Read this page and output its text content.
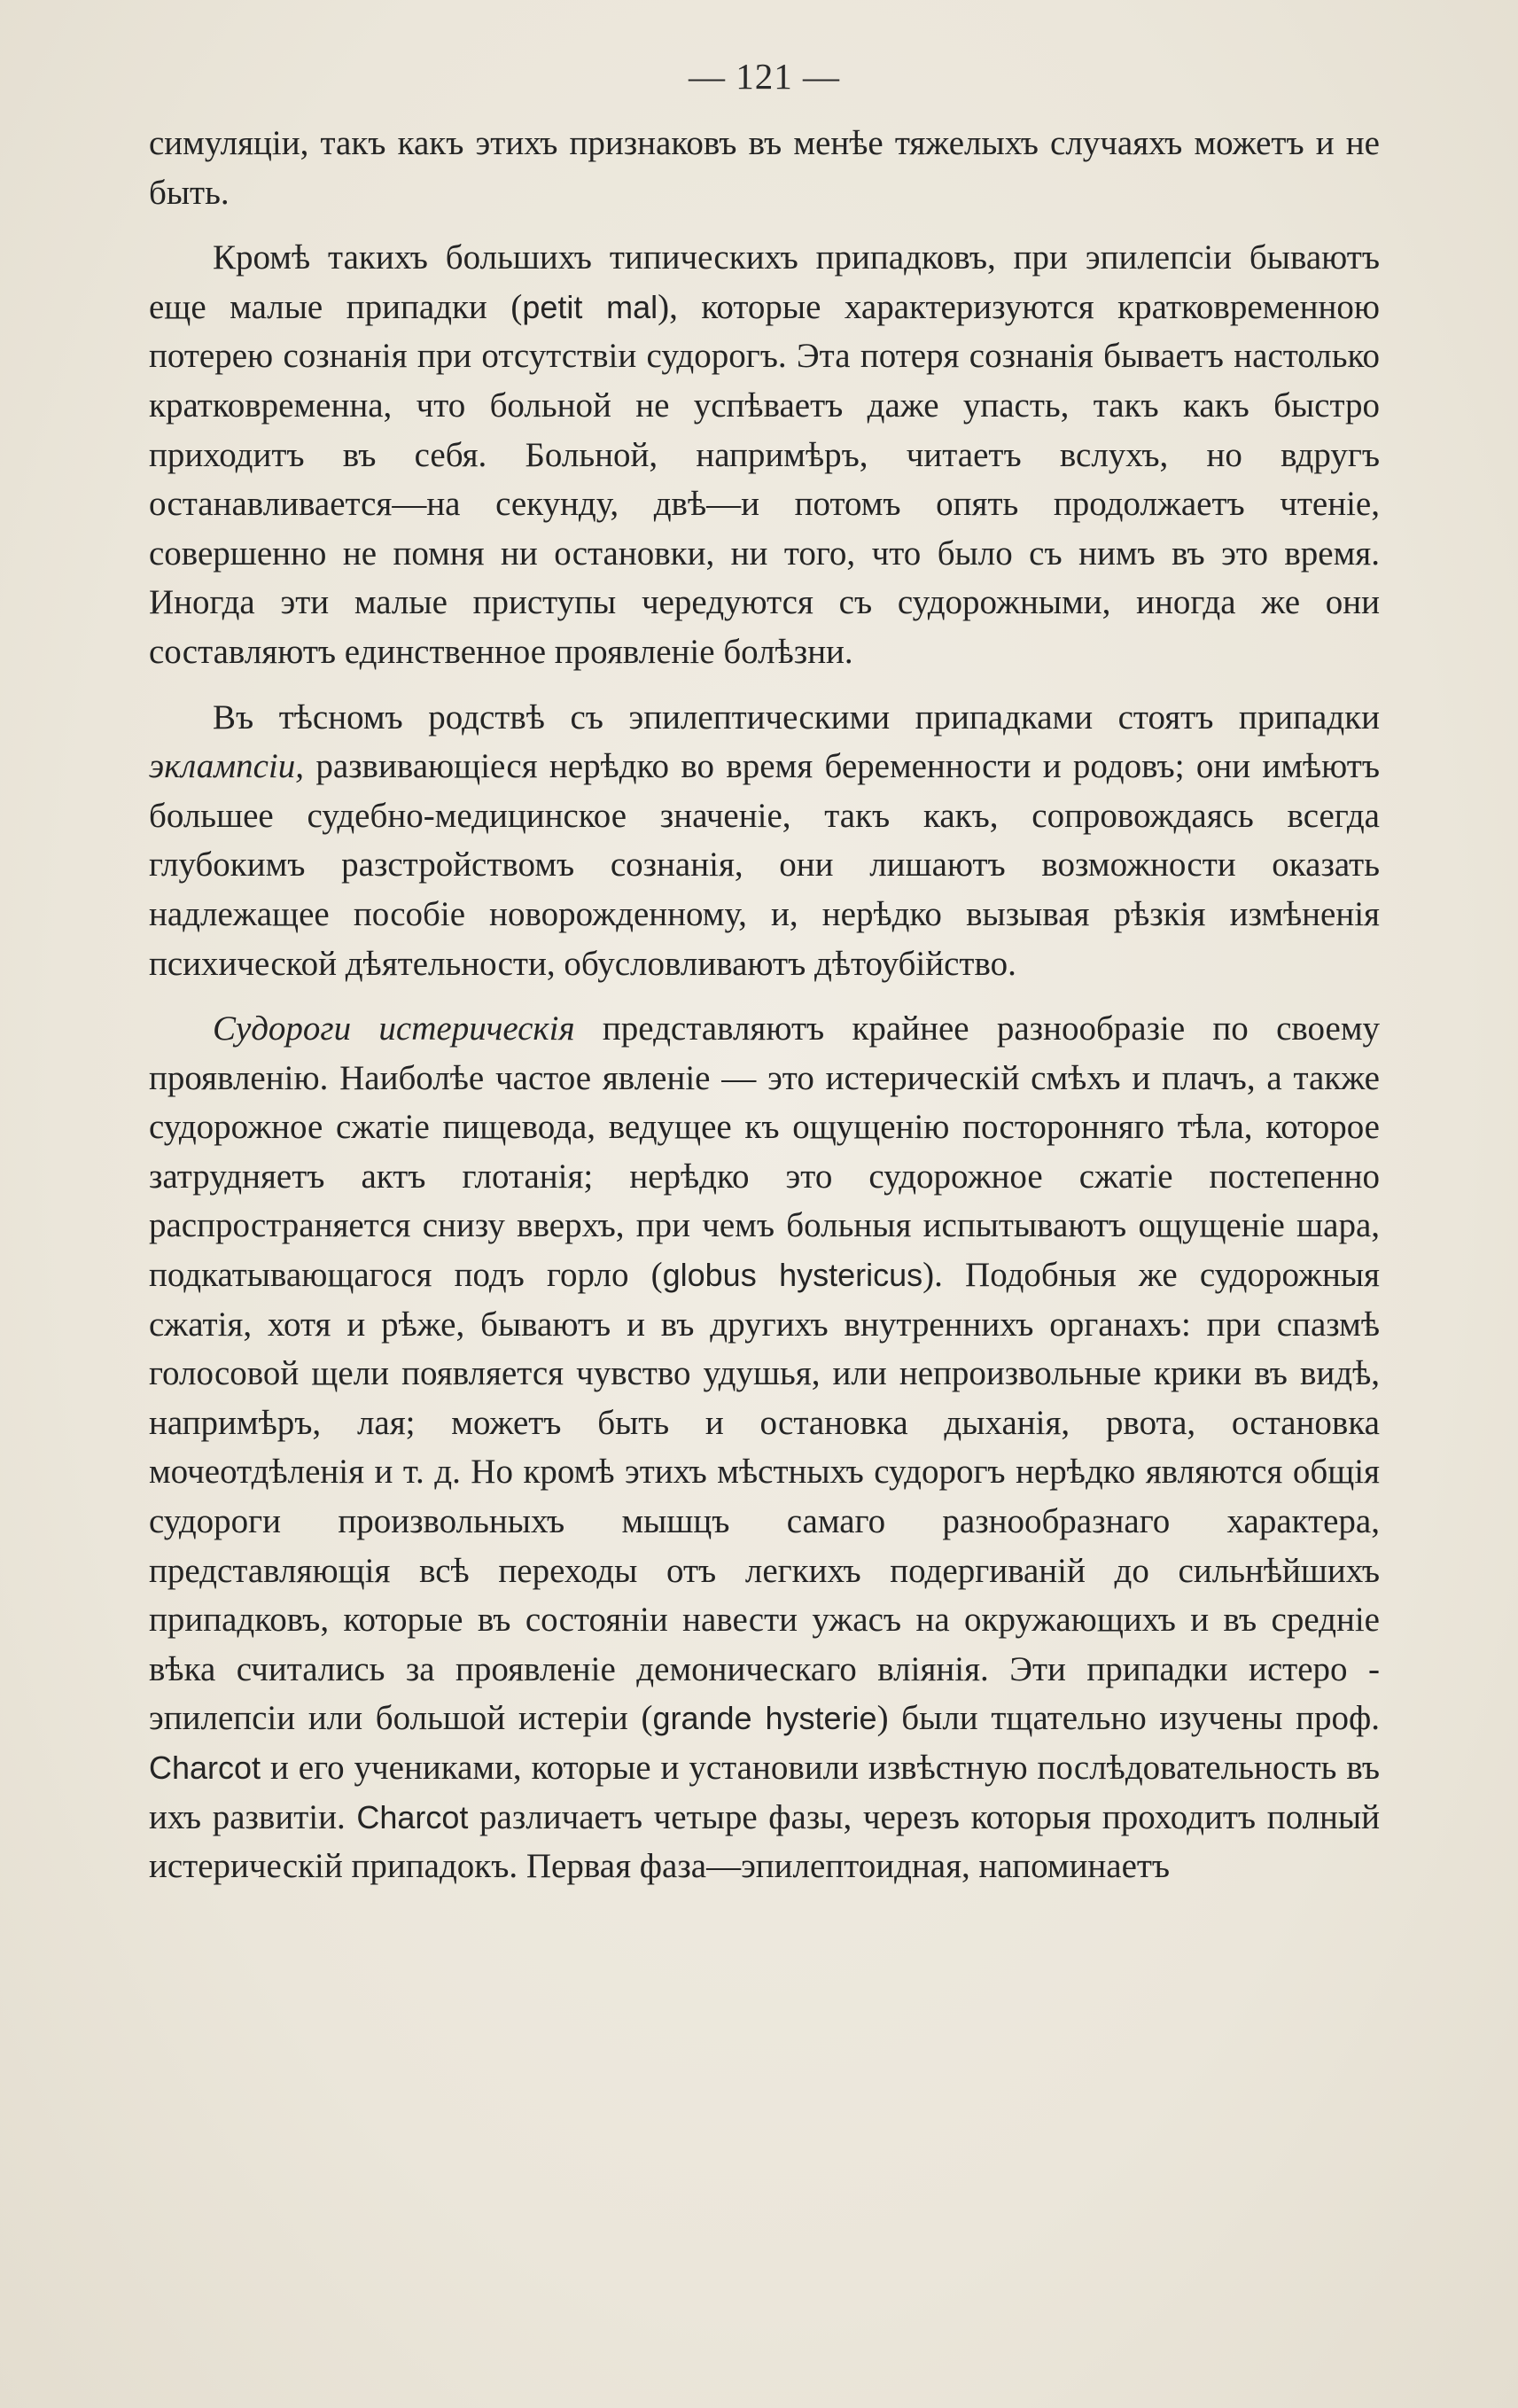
— 121 —

симуляціи, такъ какъ этихъ признаковъ въ менѣе тяжелыхъ случаяхъ можетъ и не быть.

Кромѣ такихъ большихъ типическихъ припадковъ, при эпилепсіи бываютъ еще малые припадки (petit mal), которые характеризуются кратковременною потерею сознанія при отсутствіи судорогъ. Эта потеря сознанія бываетъ настолько кратковременна, что больной не успѣваетъ даже упасть, такъ какъ быстро приходитъ въ себя. Больной, напримѣръ, читаетъ вслухъ, но вдругъ останавливается—на секунду, двѣ—и потомъ опять продолжаетъ чтеніе, совершенно не помня ни остановки, ни того, что было съ нимъ въ это время. Иногда эти малые приступы чередуются съ судорожными, иногда же они составляютъ единственное проявленіе болѣзни.

Въ тѣсномъ родствѣ съ эпилептическими припадками стоятъ припадки эклампсіи, развивающіеся нерѣдко во время беременности и родовъ; они имѣютъ большее судебно-медицинское значеніе, такъ какъ, сопровождаясь всегда глубокимъ разстройствомъ сознанія, они лишаютъ возможности оказать надлежащее пособіе новорожденному, и, нерѣдко вызывая рѣзкія измѣненія психической дѣятельности, обусловливаютъ дѣтоубійство.

Судороги истерическія представляютъ крайнее разнообразіе по своему проявленію. Наиболѣе частое явленіе — это истерическій смѣхъ и плачъ, а также судорожное сжатіе пищевода, ведущее къ ощущенію посторонняго тѣла, которое затрудняетъ актъ глотанія; нерѣдко это судорожное сжатіе постепенно распространяется снизу вверхъ, при чемъ больныя испытываютъ ощущеніе шара, подкатывающагося подъ горло (globus hystericus). Подобныя же судорожныя сжатія, хотя и рѣже, бываютъ и въ другихъ внутреннихъ органахъ: при спазмѣ голосовой щели появляется чувство удушья, или непроизвольные крики въ видѣ, напримѣръ, лая; можетъ быть и остановка дыханія, рвота, остановка мочеотдѣленія и т. д. Но кромѣ этихъ мѣстныхъ судорогъ нерѣдко являются общія судороги произвольныхъ мышцъ самаго разнообразнаго характера, представляющія всѣ переходы отъ легкихъ подергиваній до сильнѣйшихъ припадковъ, которые въ состояніи навести ужасъ на окружающихъ и въ средніе вѣка считались за проявленіе демоническаго вліянія. Эти припадки истеро - эпилепсіи или большой истеріи (grande hysterie) были тщательно изучены проф. Charcot и его учениками, которые и установили извѣстную послѣдовательность въ ихъ развитіи. Charcot различаетъ четыре фазы, черезъ которыя проходитъ полный истерическій припадокъ. Первая фаза—эпилептоидная, напоминаетъ
